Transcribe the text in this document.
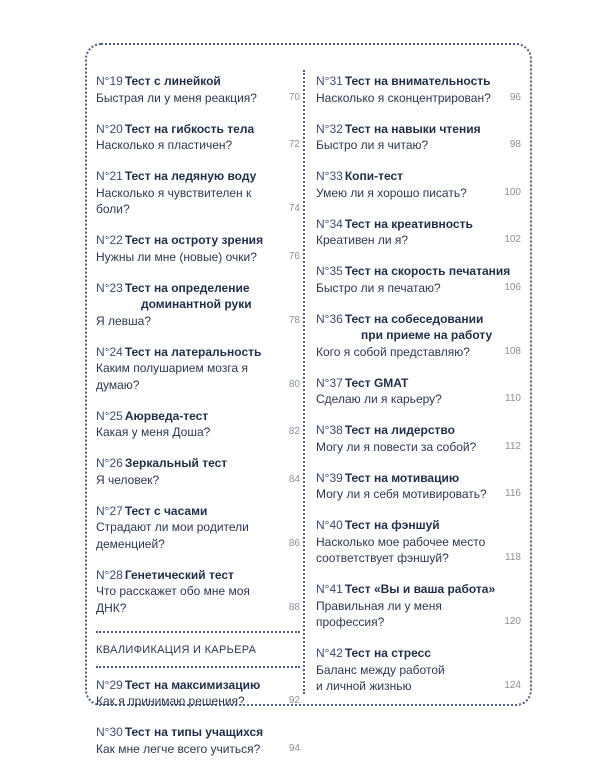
N°19 Тест с линейкой
Быстрая ли у меня реакция?	70
N°20 Тест на гибкость тела
Насколько я пластичен?	72
N°21 Тест на ледяную воду
Насколько я чувствителен к боли?	74
N°22 Тест на остроту зрения
Нужны ли мне (новые) очки?	76
N°23 Тест на определение
доминантной руки
Я левша?	78
N°24 Тест на латеральность
Каким полушарием мозга я думаю?	80
N°25 Аюрведа-тест
Какая у меня Доша?	82
N°26 Зеркальный тест
Я человек?	84
N°27 Тест с часами
Страдают ли мои родители деменцией?	86
N°28 Генетический тест
Что расскажет обо мне моя ДНК?	88
КВАЛИФИКАЦИЯ И КАРЬЕРА
N°29 Тест на максимизацию
Как я принимаю решения?	92
N°30 Тест на типы учащихся
Как мне легче всего учиться?	94
N°31 Тест на внимательность
Насколько я сконцентрирован?	96
N°32 Тест на навыки чтения
Быстро ли я читаю?	98
N°33 Копи-тест
Умею ли я хорошо писать?	100
N°34 Тест на креативность
Креативен ли я?	102
N°35 Тест на скорость печатания
Быстро ли я печатаю?	106
N°36 Тест на собеседовании
при приеме на работу
Кого я собой представляю?	108
N°37 Тест GMAT
Сделаю ли я карьеру?	110
N°38 Тест на лидерство
Могу ли я повести за собой?	112
N°39 Тест на мотивацию
Могу ли я себя мотивировать?	116
N°40 Тест на фэншуй
Насколько мое рабочее место
соответствует фэншуй?	118
N°41 Тест «Вы и ваша работа»
Правильная ли у меня профессия?	120
N°42 Тест на стресс
Баланс между работой
и личной жизнью	124
